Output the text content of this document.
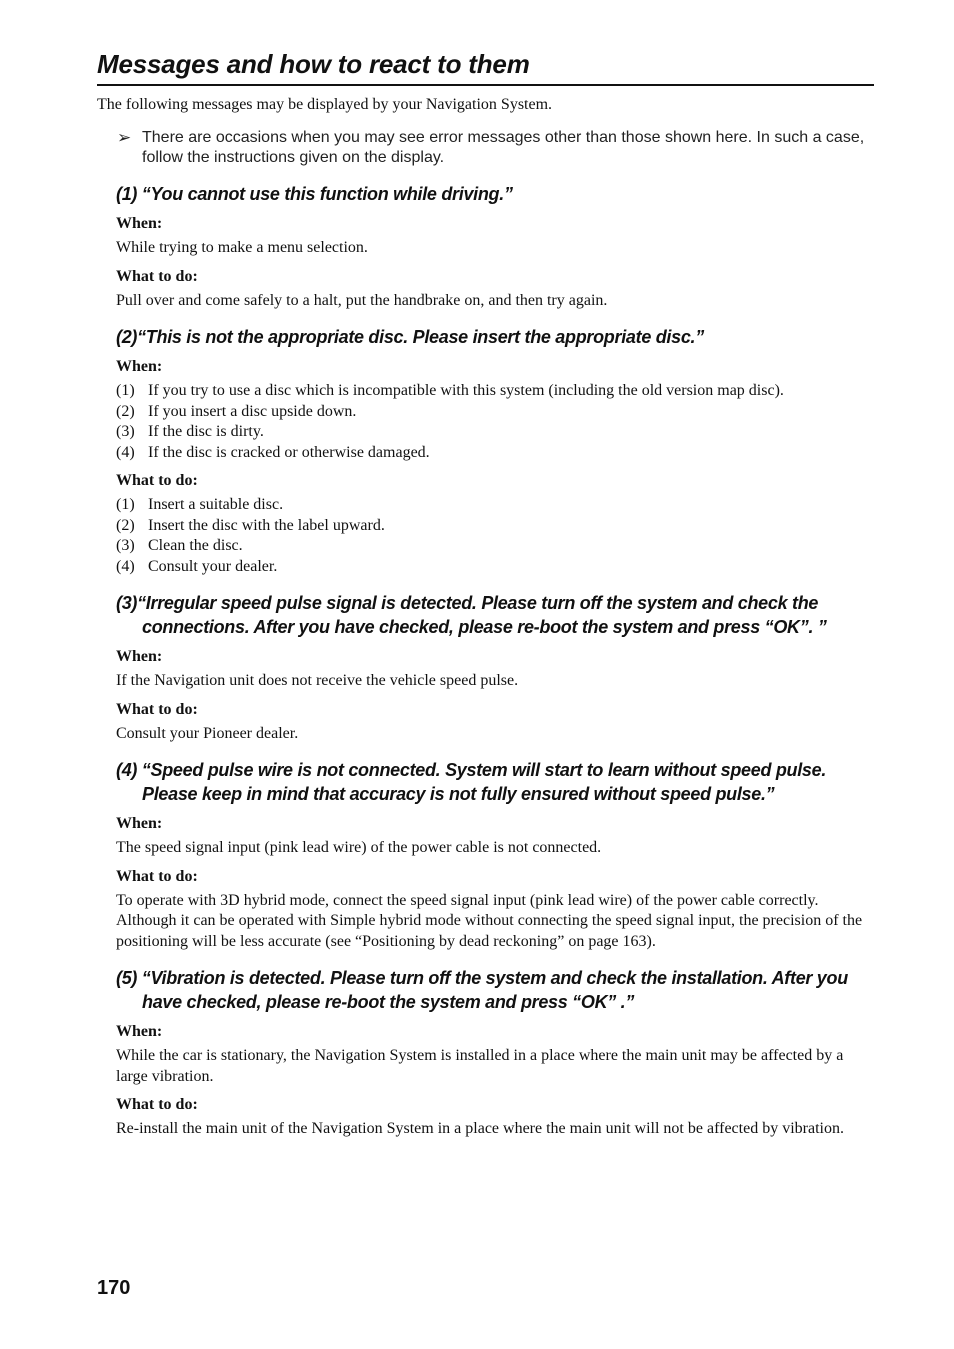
Messages and how to react to them
The following messages may be displayed by your Navigation System.
➢ There are occasions when you may see error messages other than those shown here. In such a case, follow the instructions given on the display.
(1) “You cannot use this function while driving.”
When:
While trying to make a menu selection.
What to do:
Pull over and come safely to a halt, put the handbrake on, and then try again.
(2)“This is not the appropriate disc. Please insert the appropriate disc.”
When:
(1) If you try to use a disc which is incompatible with this system (including the old version map disc).
(2) If you insert a disc upside down.
(3) If the disc is dirty.
(4) If the disc is cracked or otherwise damaged.
What to do:
(1) Insert a suitable disc.
(2) Insert the disc with the label upward.
(3) Clean the disc.
(4) Consult your dealer.
(3)“Irregular speed pulse signal is detected. Please turn off the system and check the connections. After you have checked, please re-boot the system and press “OK”. ”
When:
If the Navigation unit does not receive the vehicle speed pulse.
What to do:
Consult your Pioneer dealer.
(4) “Speed pulse wire is not connected. System will start to learn without speed pulse. Please keep in mind that accuracy is not fully ensured without speed pulse.”
When:
The speed signal input (pink lead wire) of the power cable is not connected.
What to do:
To operate with 3D hybrid mode, connect the speed signal input (pink lead wire) of the power cable correctly. Although it can be operated with Simple hybrid mode without connecting the speed signal input, the precision of the positioning will be less accurate (see “Positioning by dead reckoning” on page 163).
(5) “Vibration is detected. Please turn off the system and check the installation. After you have checked, please re-boot the system and press “OK” .”
When:
While the car is stationary, the Navigation System is installed in a place where the main unit may be affected by a large vibration.
What to do:
Re-install the main unit of the Navigation System in a place where the main unit will not be affected by vibration.
170
